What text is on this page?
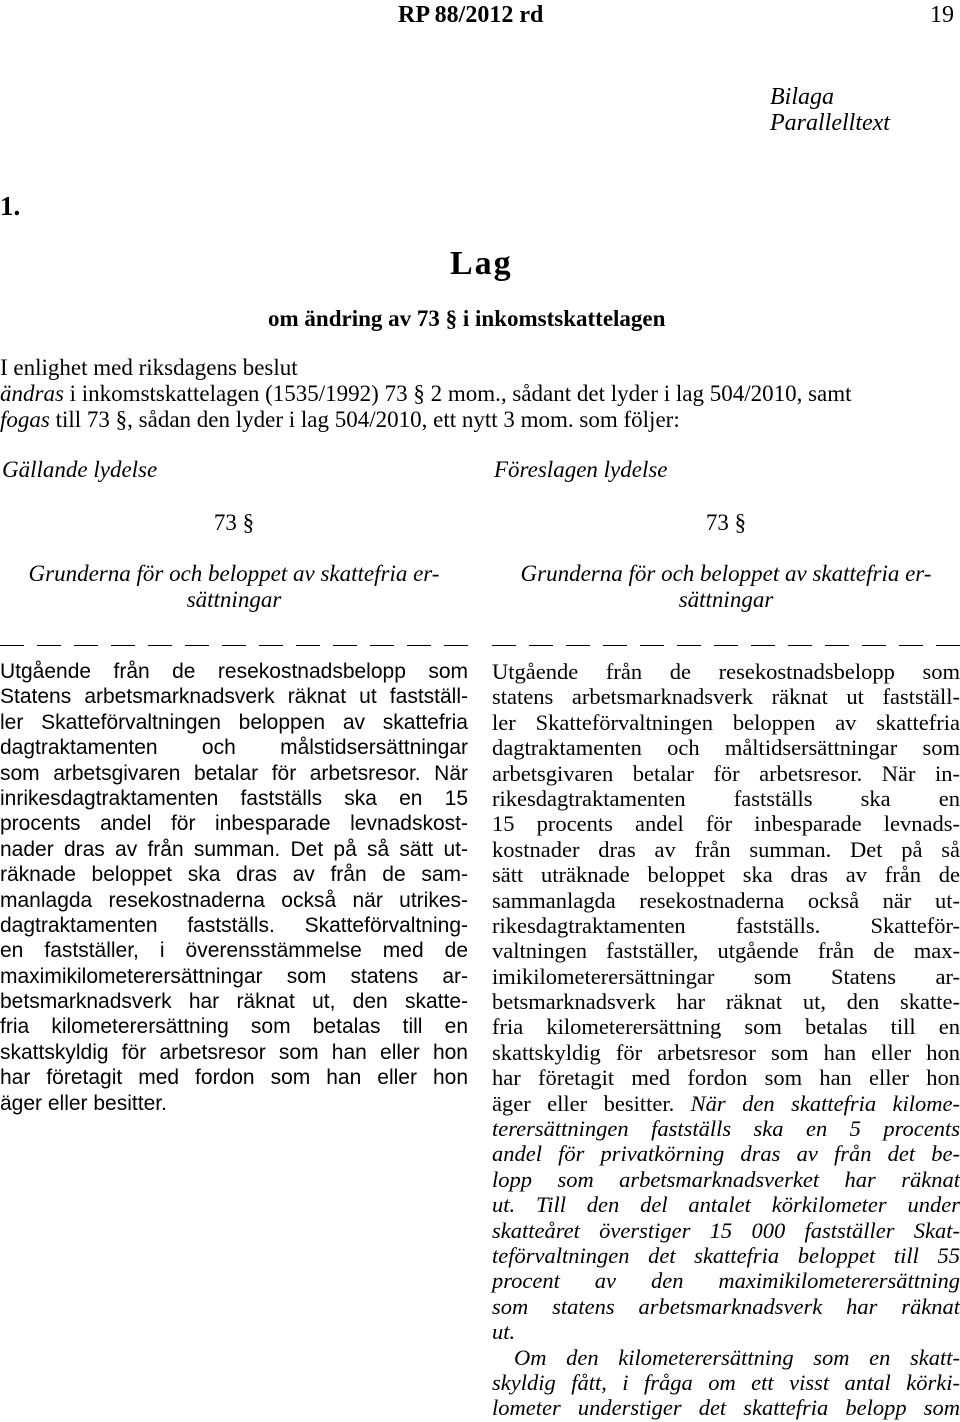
RP 88/2012 rd	19
Bilaga
Parallelltext
1.
Lag
om ändring av 73 § i inkomstskattelagen
I enlighet med riksdagens beslut
ändras i inkomstskattelagen (1535/1992) 73 § 2 mom., sådant det lyder i lag 504/2010, samt
fogas till 73 §, sådan den lyder i lag 504/2010, ett nytt 3 mom. som följer:
Gällande lydelse
73 §
Grunderna för och beloppet av skattefria er-
sättningar
Utgående från de resekostnadsbelopp som
Statens arbetsmarknadsverk räknat ut fastställ-
ler Skatteförvaltningen beloppen av skattefria
dagtraktamenten och målstidsersättningar
som arbetsgivaren betalar för arbetsresor. När
inrikesdagtraktamenten fastställs ska en 15
procents andel för inbesparade levnadskost-
nader dras av från summan. Det på så sätt ut-
räknade beloppet ska dras av från de sam-
manlagda resekostnaderna också när utrikes-
dagtraktamenten fastställs. Skatteförvaltning-
en fastställer, i överensstämmelse med de
maximikilometerersättningar som statens ar-
betsmarknadsverk har räknat ut, den skatte-
fria kilometerersättning som betalas till en
skattskyldig för arbetsresor som han eller hon
har företagit med fordon som han eller hon
äger eller besitter.
Föreslagen lydelse
73 §
Grunderna för och beloppet av skattefria er-
sättningar
Utgående från de resekostnadsbelopp som
statens arbetsmarknadsverk räknat ut fastställ-
ler Skatteförvaltningen beloppen av skattefria
dagtraktamenten och måltidsersättningar som
arbetsgivaren betalar för arbetsresor. När in-
rikesdagtraktamenten fastställs ska en
15 procents andel för inbesparade levnads-
kostnader dras av från summan. Det på så
sätt uträknade beloppet ska dras av från de
sammanlagda resekostnaderna också när ut-
rikesdagtraktamenten fastställs. Skatteför-
valtningen fastställer, utgående från de max-
imikilometerersättningar som Statens ar-
betsmarknadsverk har räknat ut, den skatte-
fria kilometerersättning som betalas till en
skattskyldig för arbetsresor som han eller hon
har företagit med fordon som han eller hon
äger eller besitter. När den skattefria kilome-
terersättningen fastställs ska en 5 procents
andel för privatkörning dras av från det be-
lopp som arbetsmarknadsverket har räknat
ut. Till den del antalet körkilometer under
skatteåret överstiger 15 000 fastställer Skat-
teförvaltningen det skattefria beloppet till 55
procent av den maximikilometerersättning
som statens arbetsmarknadsverk har räknat
ut.
Om den kilometerersättning som en skatt-
skyldig fått, i fråga om ett visst antal körki-
lometer understiger det skattefria belopp som
